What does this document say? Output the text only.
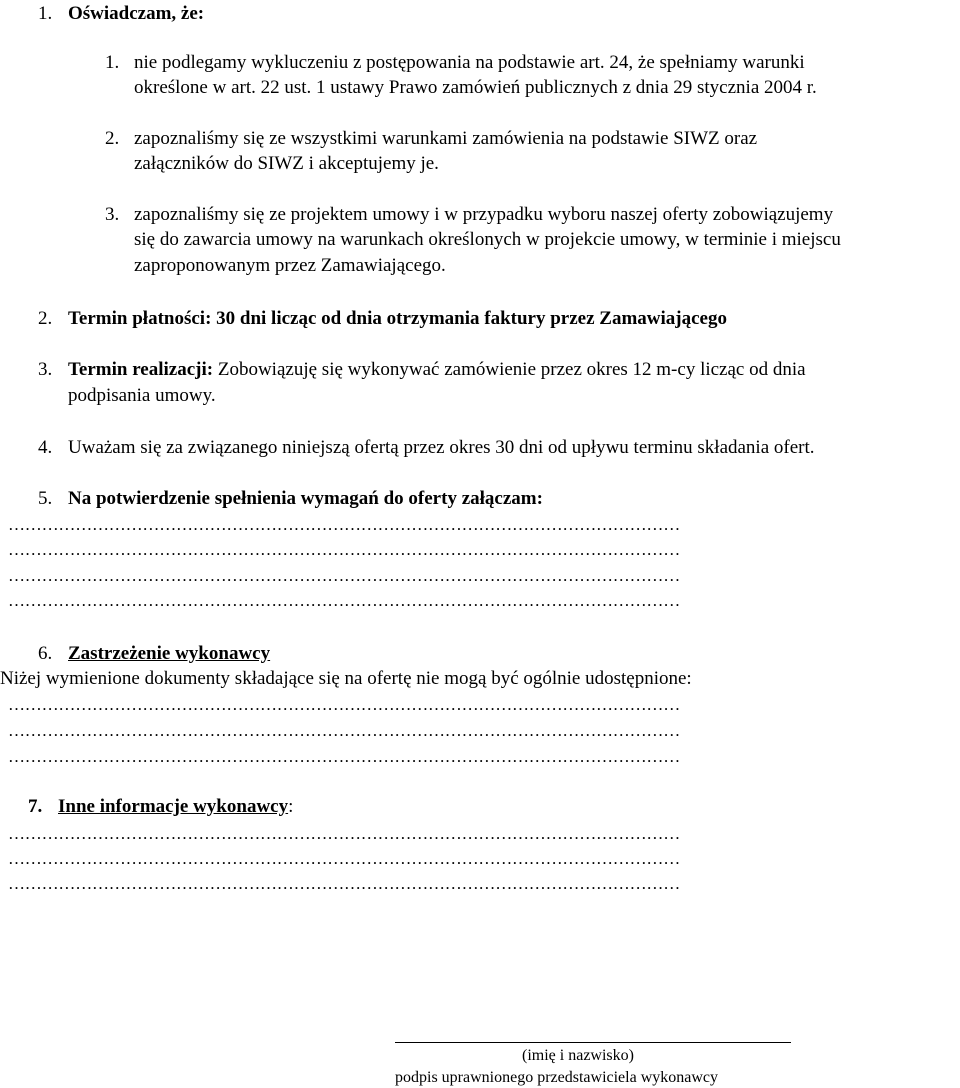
1. Oświadczam, że:
1. nie podlegamy wykluczeniu z postępowania na podstawie art. 24, że spełniamy warunki
określone w art. 22 ust. 1 ustawy Prawo zamówień publicznych z dnia 29 stycznia 2004 r.
2. zapoznaliśmy się ze wszystkimi warunkami zamówienia na podstawie SIWZ oraz
załączników do SIWZ i akceptujemy je.
3. zapoznaliśmy się ze projektem umowy i w przypadku wyboru naszej oferty zobowiązujemy
się do zawarcia umowy na warunkach określonych w projekcie umowy, w terminie i miejscu
zaproponowanym przez Zamawiającego.
2. Termin płatności: 30 dni licząc od dnia otrzymania faktury przez Zamawiającego
3. Termin realizacji: Zobowiązuję się wykonywać zamówienie przez okres 12 m-cy licząc od dnia
podpisania umowy.
4. Uważam się za związanego niniejszą ofertą przez okres 30 dni od upływu terminu składania ofert.
5. Na potwierdzenie spełnienia wymagań do oferty załączam:
…………………………………………………………………………………………………………
…………………………………………………………………………………………………………
…………………………………………………………………………………………………………
…………………………………………………………………………………………………………
6. Zastrzeżenie wykonawcy
Niżej wymienione dokumenty składające się na ofertę nie mogą być ogólnie udostępnione:
…………………………………………………………………………………………………………
…………………………………………………………………………………………………………
…………………………………………………………………………………………………………
7. Inne informacje wykonawcy:
…………………………………………………………………………………………………………
…………………………………………………………………………………………………………
…………………………………………………………………………………………………………
(imię i nazwisko)
podpis uprawnionego przedstawiciela wykonawcy
